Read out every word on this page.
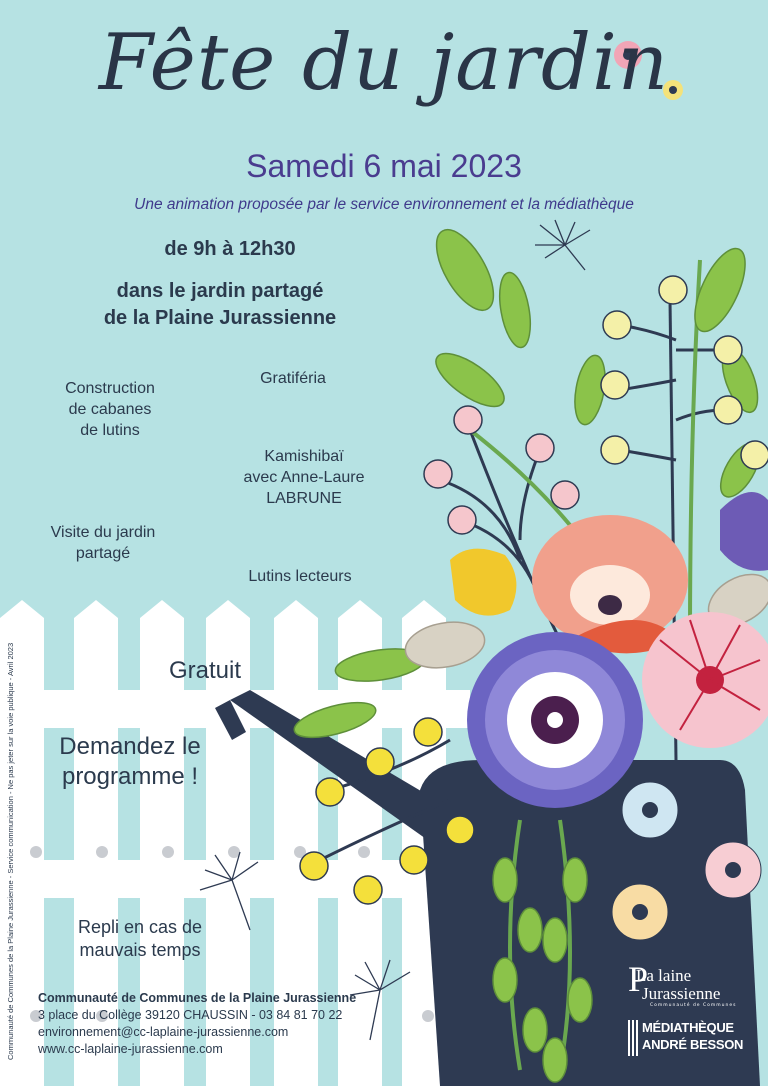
Fête du jardin
Samedi 6 mai 2023
Une animation proposée par le service environnement et la médiathèque
de 9h à 12h30
dans le jardin partagé
de la Plaine Jurassienne
Construction
de cabanes
de lutins
Gratiféria
Kamishibaï
avec Anne-Laure
LABRUNE
Visite du jardin
partagé
Lutins lecteurs
Gratuit
Demandez le
programme !
Repli en cas de
mauvais temps
Communauté de Communes de la Plaine Jurassienne
3 place du Collège 39120 CHAUSSIN - 03 84 81 70 22
environnement@cc-laplaine-jurassienne.com
www.cc-laplaine-jurassienne.com
Communauté de Communes de la Plaine Jurassienne - Service communication - Ne pas jeter sur la voie publique - Avril 2023	P
La laine
Jurassienne
Communauté de Communes
MÉDIATHÈQUE
ANDRÉ BESSON
